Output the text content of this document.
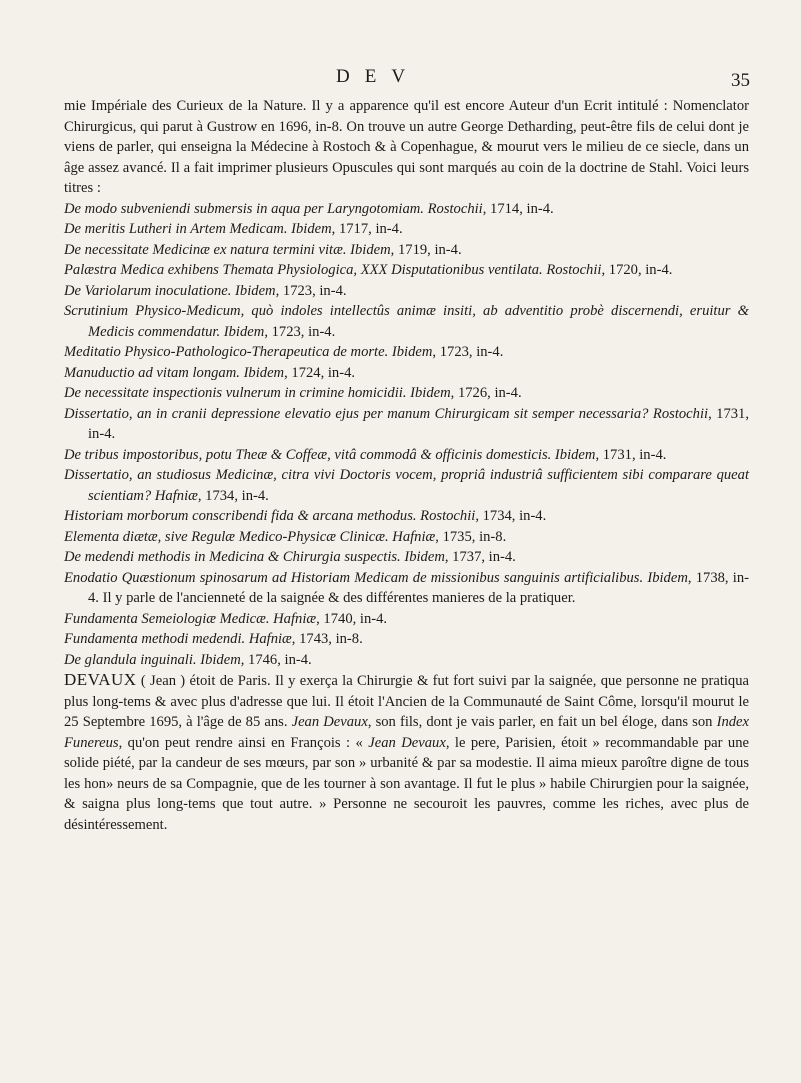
DEV	35

mie Impériale des Curieux de la Nature. Il y a apparence qu'il est encore Auteur d'un Ecrit intitulé : Nomenclator Chirurgicus, qui parut à Gustrow en 1696, in-8. On trouve un autre George Detharding, peut-être fils de celui dont je viens de parler, qui enseigna la Médecine à Rostoch & à Copenhague, & mourut vers le milieu de ce siecle, dans un âge assez avancé. Il a fait imprimer plusieurs Opuscules qui sont marqués au coin de la doctrine de Stahl. Voici leurs titres :

De modo subveniendi submersis in aqua per Laryngotomiam. Rostochii, 1714, in-4.

De meritis Lutheri in Artem Medicam. Ibidem, 1717, in-4.

De necessitate Medicinæ ex natura termini vitæ. Ibidem, 1719, in-4.

Palæstra Medica exhibens Themata Physiologica, XXX Disputationibus ventilata. Rostochii, 1720, in-4.

De Variolarum inoculatione. Ibidem, 1723, in-4.

Scrutinium Physico-Medicum, quò indoles intellectûs animæ insiti, ab adventitio probè discernendi, eruitur & Medicis commendatur. Ibidem, 1723, in-4.

Meditatio Physico-Pathologico-Therapeutica de morte. Ibidem, 1723, in-4.

Manuductio ad vitam longam. Ibidem, 1724, in-4.

De necessitate inspectionis vulnerum in crimine homicidii. Ibidem, 1726, in-4.

Dissertatio, an in cranii depressione elevatio ejus per manum Chirurgicam sit semper necessaria? Rostochii, 1731, in-4.

De tribus impostoribus, potu Theæ & Coffeæ, vitâ commodâ & officinis domesticis. Ibidem, 1731, in-4.

Dissertatio, an studiosus Medicinæ, citra vivi Doctoris vocem, propriâ industriâ sufficientem sibi comparare queat scientiam? Hafniæ, 1734, in-4.

Historiam morborum conscribendi fida & arcana methodus. Rostochii, 1734, in-4.

Elementa diætæ, sive Regulæ Medico-Physicæ Clinicæ. Hafniæ, 1735, in-8.

De medendi methodis in Medicina & Chirurgia suspectis. Ibidem, 1737, in-4.

Enodatio Quæstionum spinosarum ad Historiam Medicam de missionibus sanguinis artificialibus. Ibidem, 1738, in-4. Il y parle de l'ancienneté de la saignée & des différentes manieres de la pratiquer.

Fundamenta Semeiologiæ Medicæ. Hafniæ, 1740, in-4.

Fundamenta methodi medendi. Hafniæ, 1743, in-8.

De glandula inguinali. Ibidem, 1746, in-4.

DEVAUX ( Jean ) étoit de Paris. Il y exerça la Chirurgie & fut fort suivi par la saignée, que personne ne pratiqua plus long-tems & avec plus d'adresse que lui. Il étoit l'Ancien de la Communauté de Saint Côme, lorsqu'il mourut le 25 Septembre 1695, à l'âge de 85 ans. Jean Devaux, son fils, dont je vais parler, en fait un bel éloge, dans son Index Funereus, qu'on peut rendre ainsi en François : « Jean Devaux, le pere, Parisien, étoit » recommandable par une solide piété, par la candeur de ses mœurs, par son » urbanité & par sa modestie. Il aima mieux paroître digne de tous les hon» neurs de sa Compagnie, que de les tourner à son avantage. Il fut le plus » habile Chirurgien pour la saignée, & saigna plus long-tems que tout autre. » Personne ne secouroit les pauvres, comme les riches, avec plus de désintéressement.
